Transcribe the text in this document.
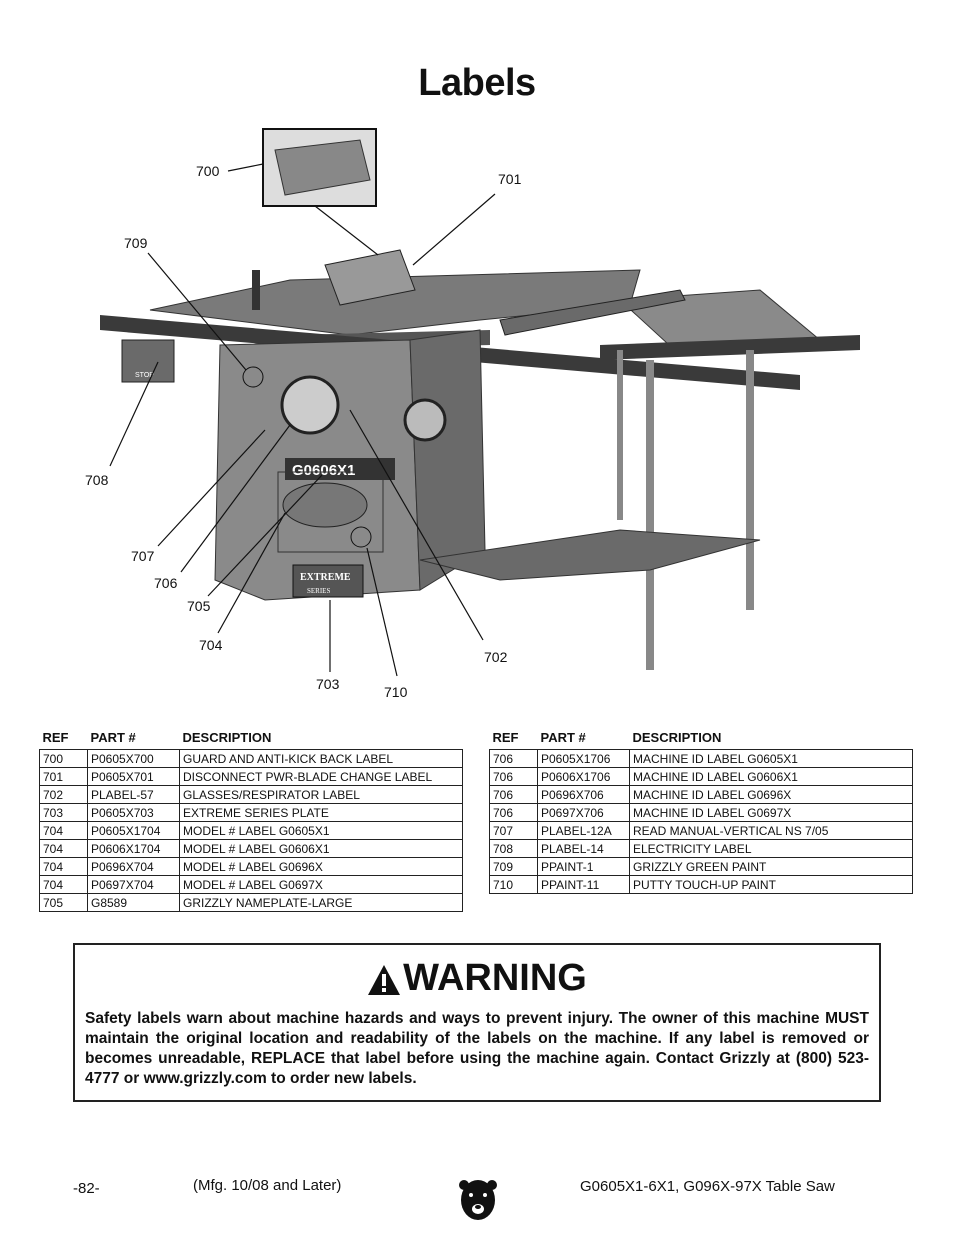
Labels
STOP
G0606X1
EXTREME
SERIES
700	701
709
708
707
706
705
704
703	710
702
REF	PART #	DESCRIPTION
700	P0605X700	GUARD AND ANTI-KICK BACK LABEL
701	P0605X701	DISCONNECT PWR-BLADE CHANGE LABEL
702	PLABEL-57	GLASSES/RESPIRATOR LABEL
703	P0605X703	EXTREME SERIES PLATE
704	P0605X1704	MODEL # LABEL G0605X1
704	P0606X1704	MODEL # LABEL G0606X1
704	P0696X704	MODEL # LABEL G0696X
704	P0697X704	MODEL # LABEL G0697X
705	G8589	GRIZZLY NAMEPLATE-LARGE
REF	PART #	DESCRIPTION
706	P0605X1706	MACHINE ID LABEL G0605X1
706	P0606X1706	MACHINE ID LABEL G0606X1
706	P0696X706	MACHINE ID LABEL G0696X
706	P0697X706	MACHINE ID LABEL G0697X
707	PLABEL-12A	READ MANUAL-VERTICAL NS 7/05
708	PLABEL-14	ELECTRICITY LABEL
709	PPAINT-1	GRIZZLY GREEN PAINT
710	PPAINT-11	PUTTY TOUCH-UP PAINT
WARNING
Safety labels warn about machine hazards and ways to prevent injury. The owner of this machine MUST maintain the original location and readability of the labels on the machine. If any label is removed or becomes unreadable, REPLACE that label before using the machine again. Contact Grizzly at (800) 523-4777 or www.grizzly.com to order new labels.
-82-	(Mfg. 10/08 and Later)	G0605X1-6X1, G096X-97X Table Saw
